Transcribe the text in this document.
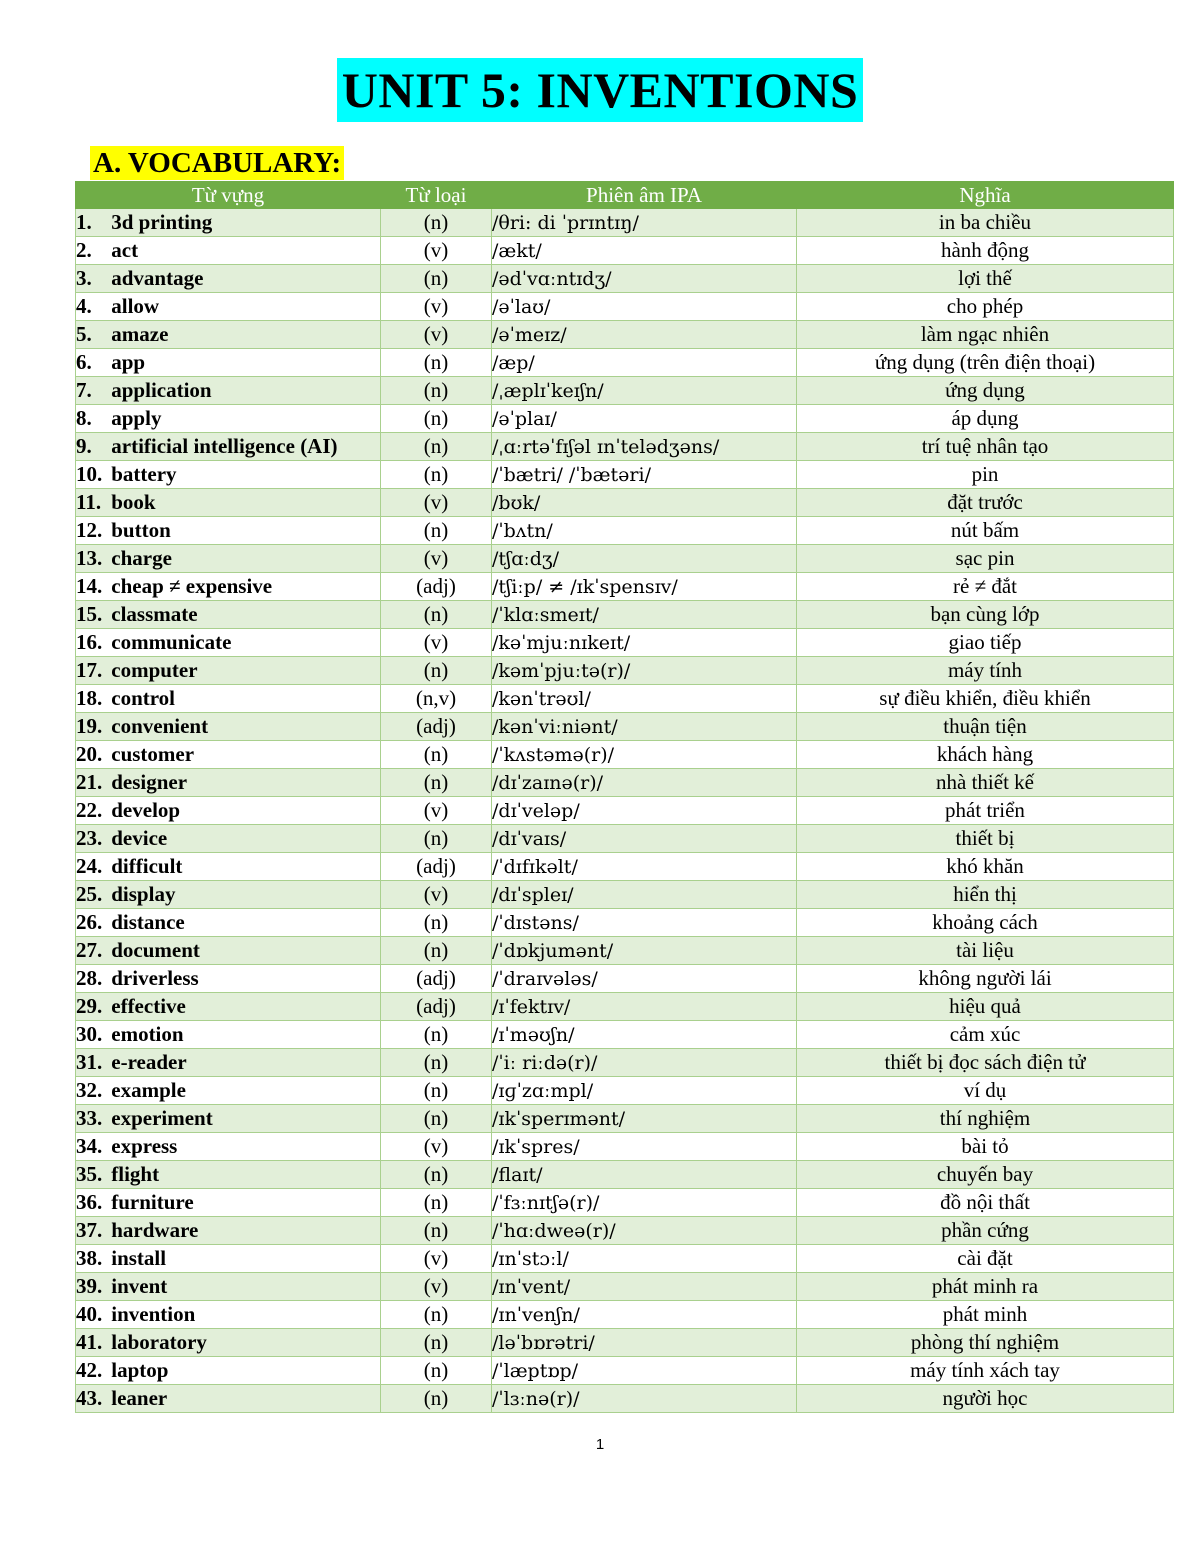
UNIT 5: INVENTIONS
A. VOCABULARY:
Từ vựng	Từ loại	Phiên âm IPA	Nghĩa
1. 3d printing	(n)	/θri: di ˈprɪntɪŋ/	in ba chiều
2. act	(v)	/ækt/	hành động
3. advantage	(n)	/ədˈvɑːntɪdʒ/	lợi thế
4. allow	(v)	/əˈlaʊ/	cho phép
5. amaze	(v)	/əˈmeɪz/	làm ngạc nhiên
6. app	(n)	/æp/	ứng dụng (trên điện thoại)
7. application	(n)	/ˌæplɪˈkeɪʃn/	ứng dụng
8. apply	(n)	/əˈplaɪ/	áp dụng
9. artificial intelligence (AI)	(n)	/ˌɑːrtəˈfɪʃəl ɪnˈtelədʒəns/	trí tuệ nhân tạo
10. battery	(n)	/ˈbætri/ /ˈbætəri/	pin
11. book	(v)	/bʊk/	đặt trước
12. button	(n)	/ˈbʌtn/	nút bấm
13. charge	(v)	/tʃɑːdʒ/	sạc pin
14. cheap ≠ expensive	(adj)	/tʃiːp/ ≠ /ɪkˈspensɪv/	rẻ ≠ đắt
15. classmate	(n)	/ˈklɑːsmeɪt/	bạn cùng lớp
16. communicate	(v)	/kəˈmjuːnɪkeɪt/	giao tiếp
17. computer	(n)	/kəmˈpjuːtə(r)/	máy tính
18. control	(n,v)	/kənˈtrəʊl/	sự điều khiển, điều khiển
19. convenient	(adj)	/kənˈviːniənt/	thuận tiện
20. customer	(n)	/ˈkʌstəmə(r)/	khách hàng
21. designer	(n)	/dɪˈzaɪnə(r)/	nhà thiết kế
22. develop	(v)	/dɪˈveləp/	phát triển
23. device	(n)	/dɪˈvaɪs/	thiết bị
24. difficult	(adj)	/ˈdɪfɪkəlt/	khó khăn
25. display	(v)	/dɪˈspleɪ/	hiển thị
26. distance	(n)	/ˈdɪstəns/	khoảng cách
27. document	(n)	/ˈdɒkjumənt/	tài liệu
28. driverless	(adj)	/ˈdraɪvələs/	không người lái
29. effective	(adj)	/ɪˈfektɪv/	hiệu quả
30. emotion	(n)	/ɪˈməʊʃn/	cảm xúc
31. e-reader	(n)	/ˈiː riːdə(r)/	thiết bị đọc sách điện tử
32. example	(n)	/ɪɡˈzɑːmpl/	ví dụ
33. experiment	(n)	/ɪkˈsperɪmənt/	thí nghiệm
34. express	(v)	/ɪkˈspres/	bài tỏ
35. flight	(n)	/flaɪt/	chuyến bay
36. furniture	(n)	/ˈfɜːnɪtʃə(r)/	đồ nội thất
37. hardware	(n)	/ˈhɑːdweə(r)/	phần cứng
38. install	(v)	/ɪnˈstɔːl/	cài đặt
39. invent	(v)	/ɪnˈvent/	phát minh ra
40. invention	(n)	/ɪnˈvenʃn/	phát minh
41. laboratory	(n)	/ləˈbɒrətri/	phòng thí nghiệm
42. laptop	(n)	/ˈlæptɒp/	máy tính xách tay
43. leaner	(n)	/ˈlɜːnə(r)/	người học
1
